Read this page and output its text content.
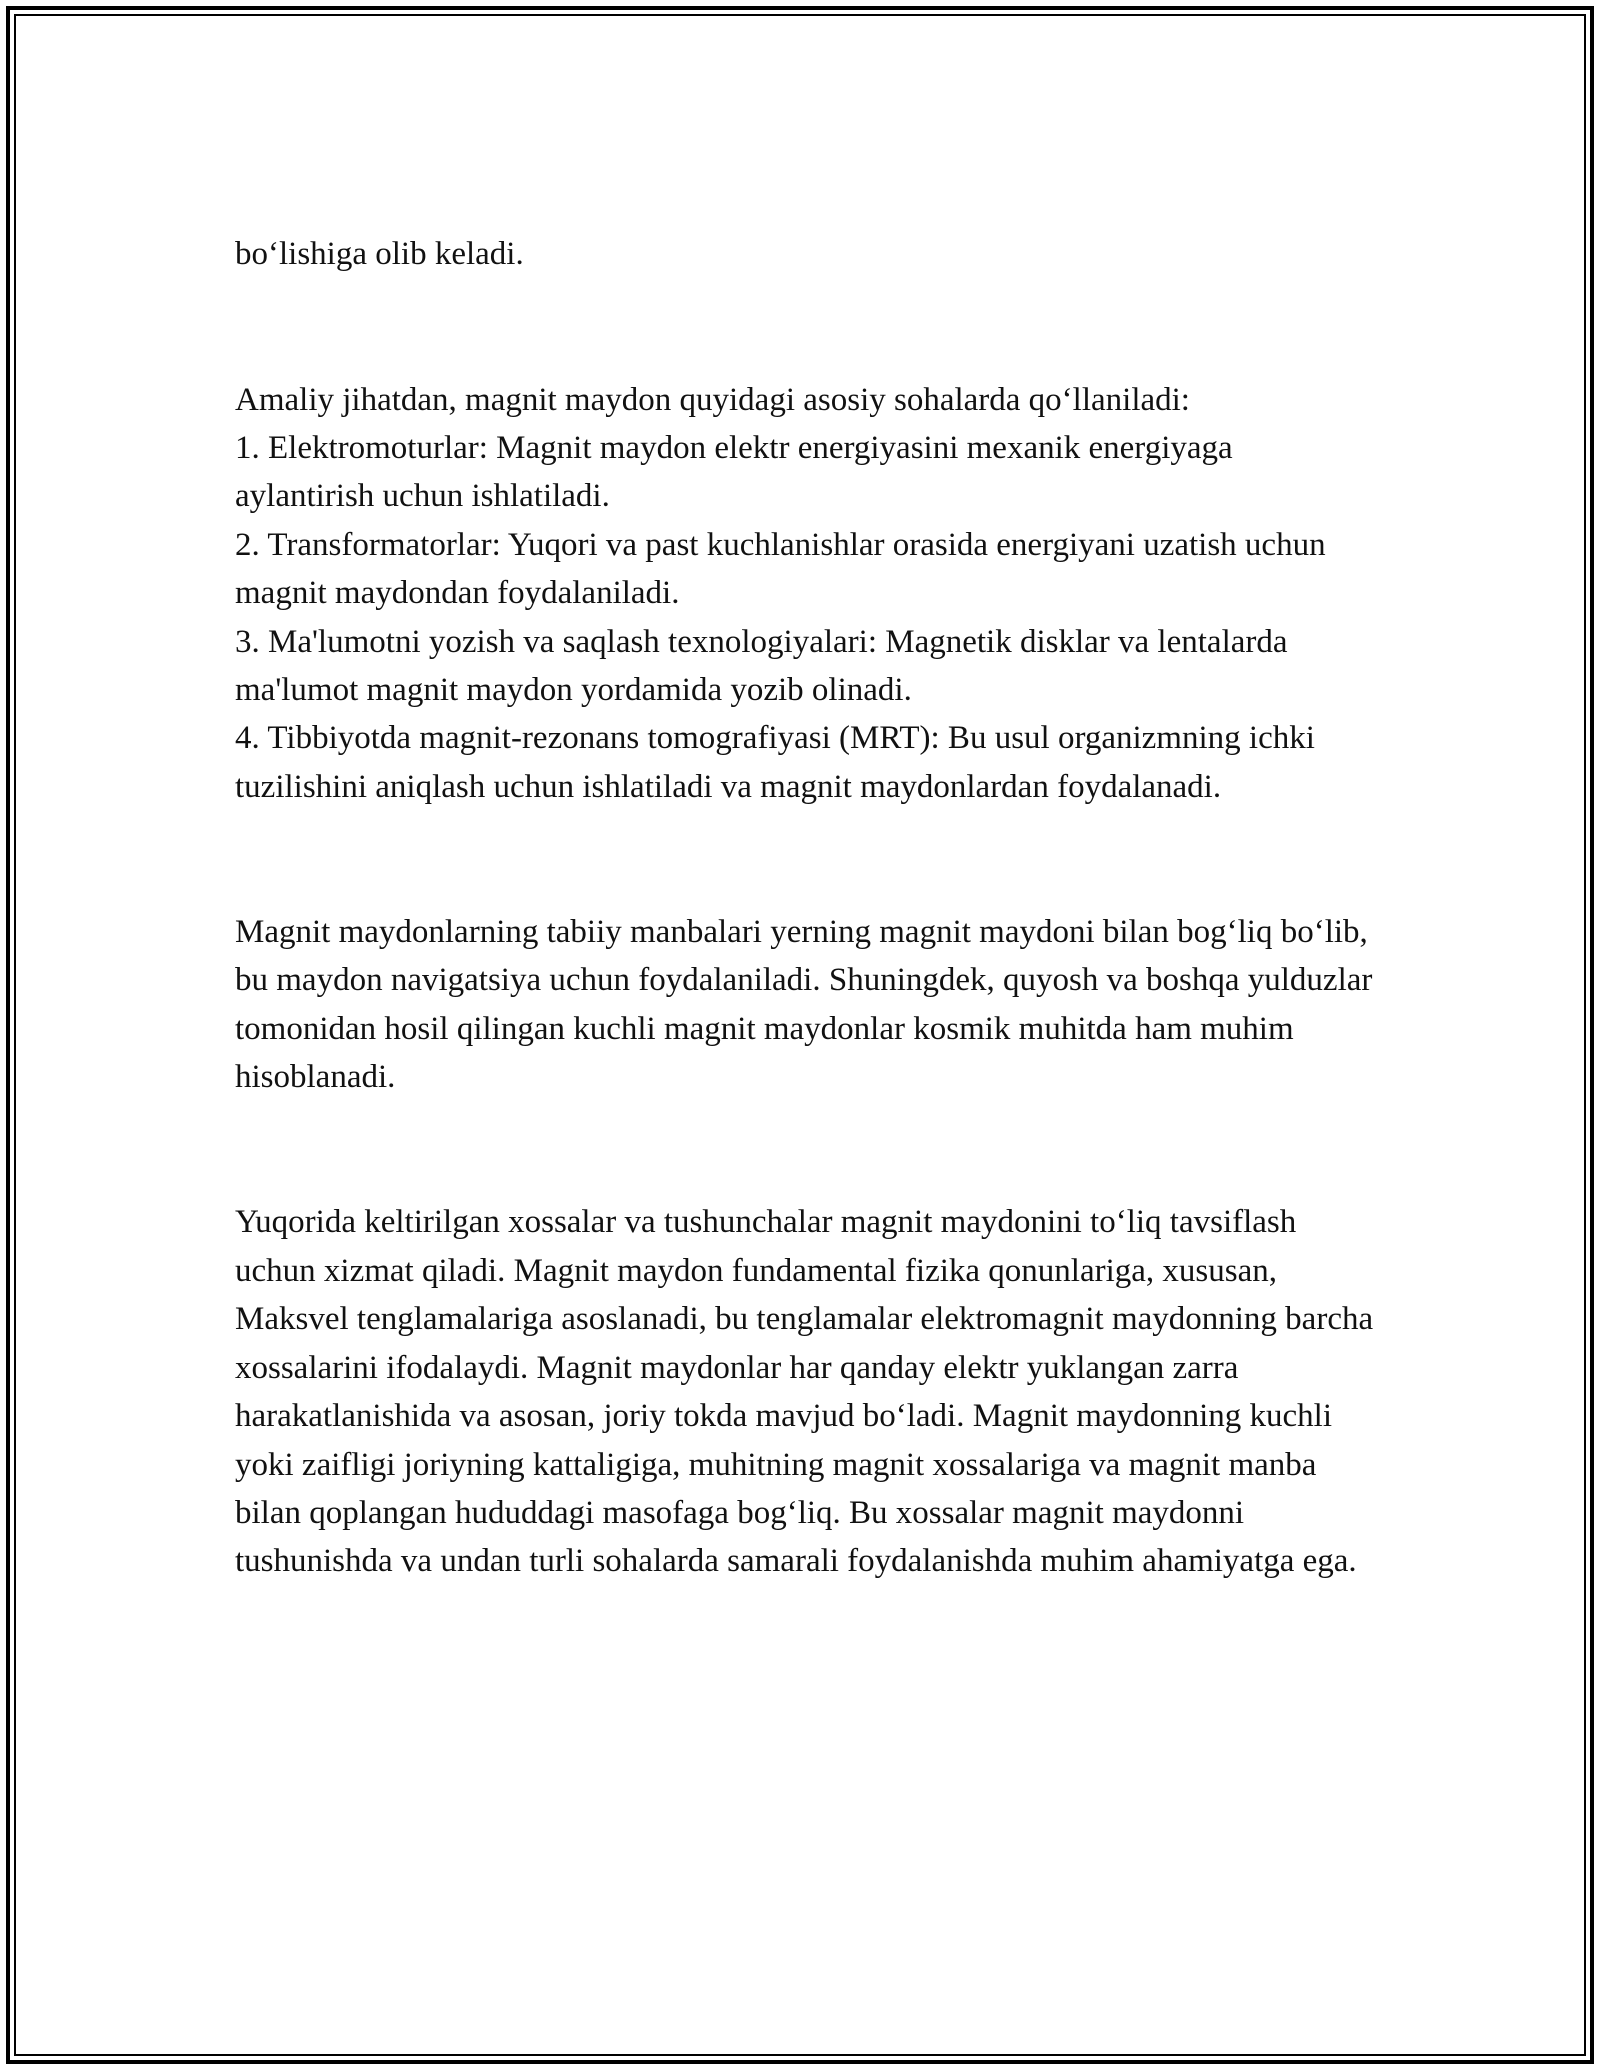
bo‘lishiga olib keladi.

Amaliy jihatdan, magnit maydon quyidagi asosiy sohalarda qo‘llaniladi:
1. Elektromoturlar: Magnit maydon elektr energiyasini mexanik energiyaga aylantirish uchun ishlatiladi.
2. Transformatorlar: Yuqori va past kuchlanishlar orasida energiyani uzatish uchun magnit maydondan foydalaniladi.
3. Ma'lumotni yozish va saqlash texnologiyalari: Magnetik disklar va lentalarda ma'lumot magnit maydon yordamida yozib olinadi.
4. Tibbiyotda magnit-rezonans tomografiyasi (MRT): Bu usul organizmning ichki tuzilishini aniqlash uchun ishlatiladi va magnit maydonlardan foydalanadi.

Magnit maydonlarning tabiiy manbalari yerning magnit maydoni bilan bog‘liq bo‘lib, bu maydon navigatsiya uchun foydalaniladi. Shuningdek, quyosh va boshqa yulduzlar tomonidan hosil qilingan kuchli magnit maydonlar kosmik muhitda ham muhim hisoblanadi.

Yuqorida keltirilgan xossalar va tushunchalar magnit maydonini to‘liq tavsiflash uchun xizmat qiladi. Magnit maydon fundamental fizika qonunlariga, xususan, Maksvel tenglamalariga asoslanadi, bu tenglamalar elektromagnit maydonning barcha xossalarini ifodalaydi. Magnit maydonlar har qanday elektr yuklangan zarra harakatlanishida va asosan, joriy tokda mavjud bo‘ladi. Magnit maydonning kuchli yoki zaifligi joriyning kattaligiga, muhitning magnit xossalariga va magnit manba bilan qoplangan hududdagi masofaga bog‘liq. Bu xossalar magnit maydonni tushunishda va undan turli sohalarda samarali foydalanishda muhim ahamiyatga ega.
